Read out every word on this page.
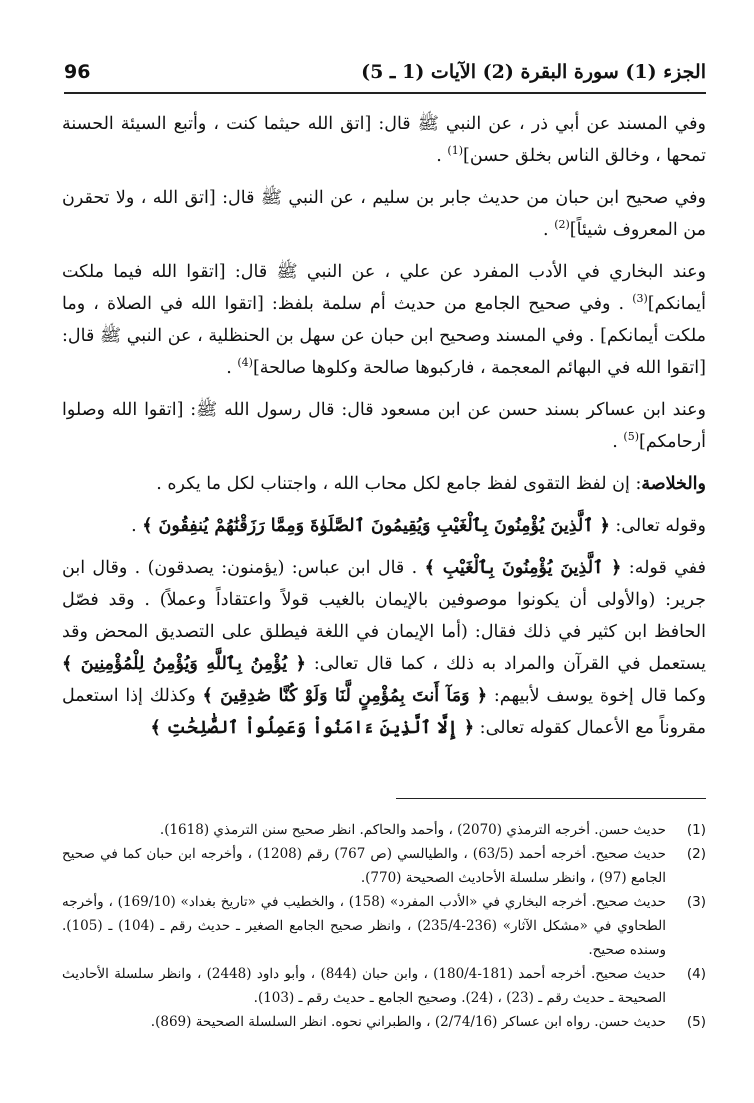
96	الجزء (1) سورة البقرة (2) الآيات (1 ـ 5)

وفي المسند عن أبي ذر ، عن النبي ﷺ قال: [اتق الله حيثما كنت ، وأتبع السيئة الحسنة تمحها ، وخالق الناس بخلق حسن]$^{(1)}$ .

وفي صحيح ابن حبان من حديث جابر بن سليم ، عن النبي ﷺ قال: [اتق الله ، ولا تحقرن من المعروف شيئاً]$^{(2)}$ .

وعند البخاري في الأدب المفرد عن علي ، عن النبي ﷺ قال: [اتقوا الله فيما ملكت أيمانكم]$^{(3)}$ . وفي صحيح الجامع من حديث أم سلمة بلفظ: [اتقوا الله في الصلاة ، وما ملكت أيمانكم] . وفي المسند وصحيح ابن حبان عن سهل بن الحنظلية ، عن النبي ﷺ قال: [اتقوا الله في البهائم المعجمة ، فاركبوها صالحة وكلوها صالحة]$^{(4)}$ .

وعند ابن عساكر بسند حسن عن ابن مسعود قال: قال رسول الله ﷺ: [اتقوا الله وصلوا أرحامكم]$^{(5)}$ .

والخلاصة: إن لفظ التقوى لفظ جامع لكل محاب الله ، واجتناب لكل ما يكره .

وقوله تعالى: ﴿ ٱلَّذِينَ يُؤْمِنُونَ بِٱلْغَيْبِ وَيُقِيمُونَ ٱلصَّلَوٰةَ وَمِمَّا رَزَقْنَٰهُمْ يُنفِقُونَ ﴾ .

ففي قوله: ﴿ ٱلَّذِينَ يُؤْمِنُونَ بِٱلْغَيْبِ ﴾ . قال ابن عباس: (يؤمنون: يصدقون) . وقال ابن جرير: (والأولى أن يكونوا موصوفين بالإيمان بالغيب قولاً واعتقاداً وعملاً) . وقد فصّل الحافظ ابن كثير في ذلك فقال: (أما الإيمان في اللغة فيطلق على التصديق المحض وقد يستعمل في القرآن والمراد به ذلك ، كما قال تعالى: ﴿ يُؤْمِنُ بِٱللَّهِ وَيُؤْمِنُ لِلْمُؤْمِنِينَ ﴾ وكما قال إخوة يوسف لأبيهم: ﴿ وَمَآ أَنتَ بِمُؤْمِنٍ لَّنَا وَلَوْ كُنَّا صَٰدِقِينَ ﴾ وكذلك إذا استعمل مقروناً مع الأعمال كقوله تعالى: ﴿ إِلَّا ٱلَّذِينَ ءَامَنُواْ وَعَمِلُواْ ٱلصَّٰلِحَٰتِ ﴾

(1)
حديث حسن. أخرجه الترمذي (2070) ، وأحمد والحاكم. انظر صحيح سنن الترمذي (1618).
(2)
حديث صحيح. أخرجه أحمد (63/5) ، والطيالسي (ص 767) رقم (1208) ، وأخرجه ابن حبان كما في صحيح الجامع (97) ، وانظر سلسلة الأحاديث الصحيحة (770).
(3)
حديث صحيح. أخرجه البخاري في «الأدب المفرد» (158) ، والخطيب في «تاريخ بغداد» (169/10) ، وأخرجه الطحاوي في «مشكل الآثار» (236-235/4) ، وانظر صحيح الجامع الصغير ـ حديث رقم ـ (104) ـ (105). وسنده صحيح.
(4)
حديث صحيح. أخرجه أحمد (181-180/4) ، وابن حبان (844) ، وأبو داود (2448) ، وانظر سلسلة الأحاديث الصحيحة ـ حديث رقم ـ (23) ، (24). وصحيح الجامع ـ حديث رقم ـ (103).
(5)
حديث حسن. رواه ابن عساكر (2/74/16) ، والطبراني نحوه. انظر السلسلة الصحيحة (869).
